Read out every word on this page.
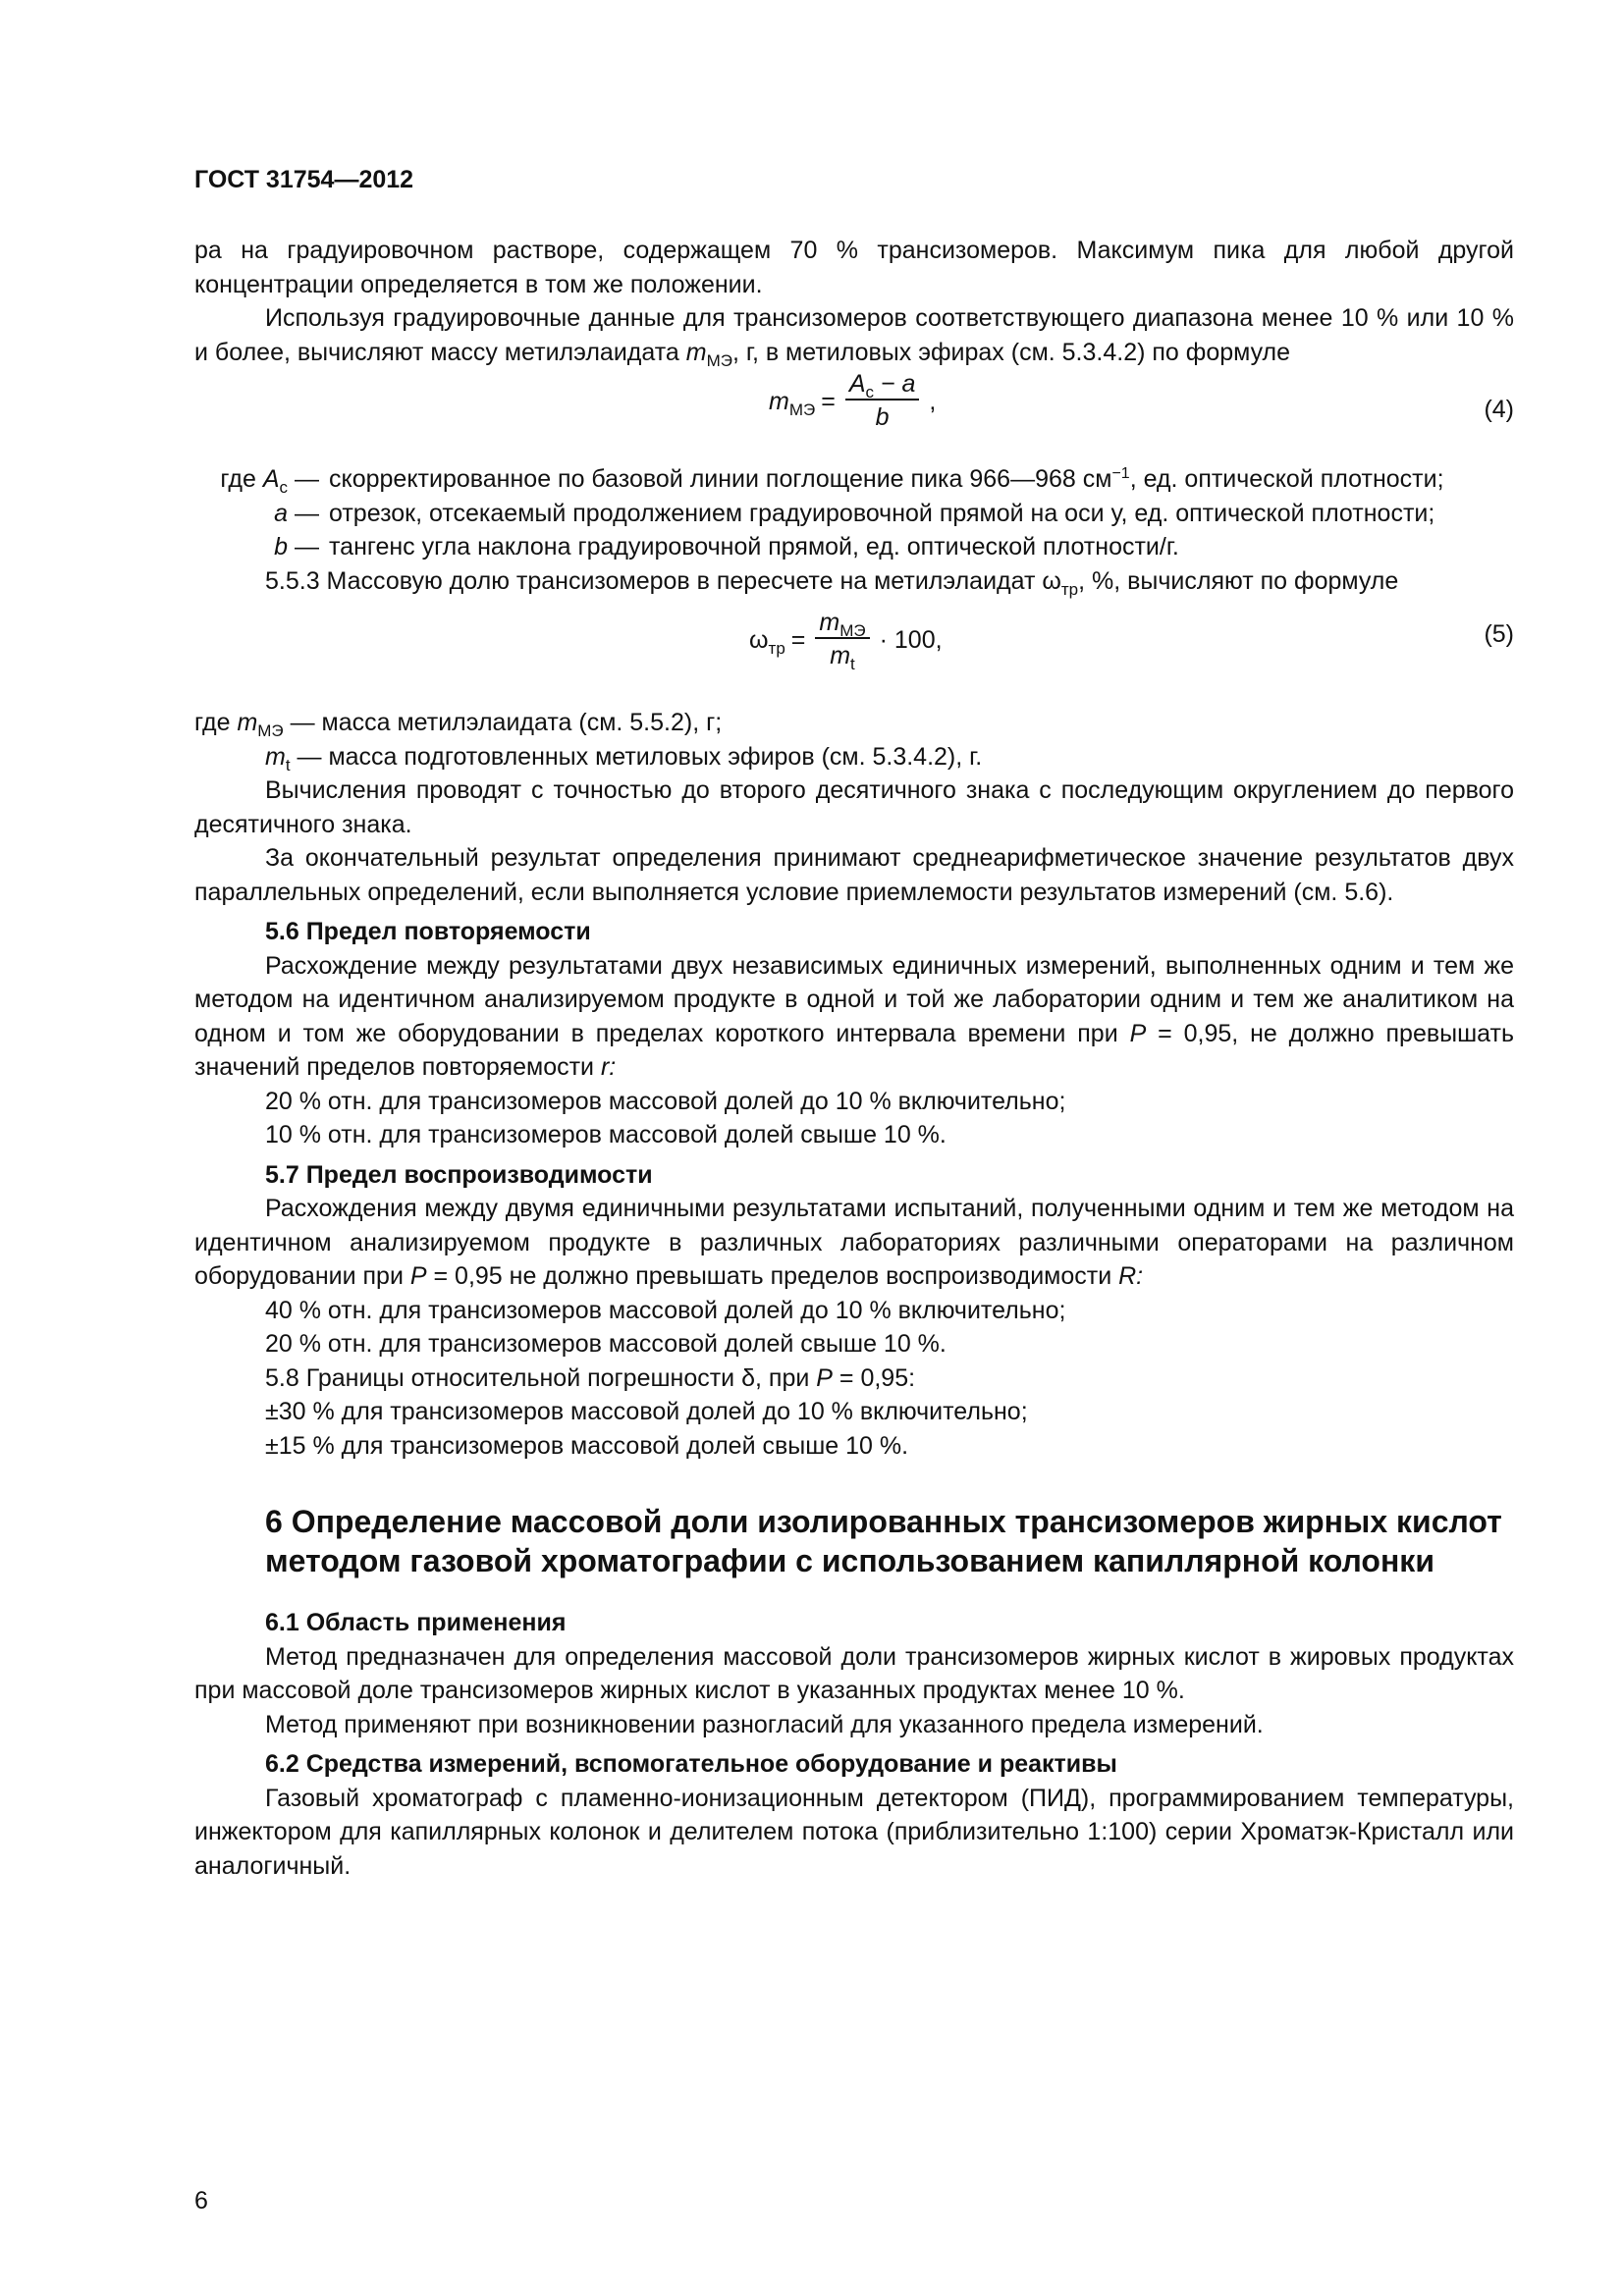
ГОСТ 31754—2012

ра на градуировочном растворе, содержащем 70 % трансизомеров. Максимум пика для любой другой концентрации определяется в том же положении.

Используя градуировочные данные для трансизомеров соответствующего диапазона менее 10 % или 10 % и более, вычисляют массу метилэлаидата $m_{МЭ}$, г, в метиловых эфирах (см. 5.3.4.2) по формуле

$m_{МЭ} = \frac{A_c - a}{b}$ ,	(4)
где $A_c$ — скорректированное по базовой линии поглощение пика 966—968 $см^{-1}$, ед. оптической плотности;
a — отрезок, отсекаемый продолжением градуировочной прямой на оси у, ед. оптической плотности;
b — тангенс угла наклона градуировочной прямой, ед. оптической плотности/г.

5.5.3 Массовую долю трансизомеров в пересчете на метилэлаидат $\omega_{тр}$, %, вычисляют по формуле

$\omega_{тр} = \frac{m_{МЭ}}{m_t} \cdot 100$,	(5)

где $m_{МЭ}$ — масса метилэлаидата (см. 5.5.2), г;

$m_t$ — масса подготовленных метиловых эфиров (см. 5.3.4.2), г.

Вычисления проводят с точностью до второго десятичного знака с последующим округлением до первого десятичного знака.

За окончательный результат определения принимают среднеарифметическое значение результатов двух параллельных определений, если выполняется условие приемлемости результатов измерений (см. 5.6).

5.6 Предел повторяемости

Расхождение между результатами двух независимых единичных измерений, выполненных одним и тем же методом на идентичном анализируемом продукте в одной и той же лаборатории одним и тем же аналитиком на одном и том же оборудовании в пределах короткого интервала времени при P = 0,95, не должно превышать значений пределов повторяемости r:

20 % отн. для трансизомеров массовой долей до 10 % включительно;

10 % отн. для трансизомеров массовой долей свыше 10 %.

5.7 Предел воспроизводимости

Расхождения между двумя единичными результатами испытаний, полученными одним и тем же методом на идентичном анализируемом продукте в различных лабораториях различными операторами на различном оборудовании при P = 0,95 не должно превышать пределов воспроизводимости R:

40 % отн. для трансизомеров массовой долей до 10 % включительно;

20 % отн. для трансизомеров массовой долей свыше 10 %.

5.8 Границы относительной погрешности δ, при P = 0,95:

±30 % для трансизомеров массовой долей до 10 % включительно;

±15 % для трансизомеров массовой долей свыше 10 %.

6 Определение массовой доли изолированных трансизомеров жирных кислот методом газовой хроматографии с использованием капиллярной колонки
6.1 Область применения

Метод предназначен для определения массовой доли трансизомеров жирных кислот в жировых продуктах при массовой доле трансизомеров жирных кислот в указанных продуктах менее 10 %.

Метод применяют при возникновении разногласий для указанного предела измерений.

6.2 Средства измерений, вспомогательное оборудование и реактивы

Газовый хроматограф с пламенно-ионизационным детектором (ПИД), программированием температуры, инжектором для капиллярных колонок и делителем потока (приблизительно 1:100) серии Хроматэк-Кристалл или аналогичный.

6
